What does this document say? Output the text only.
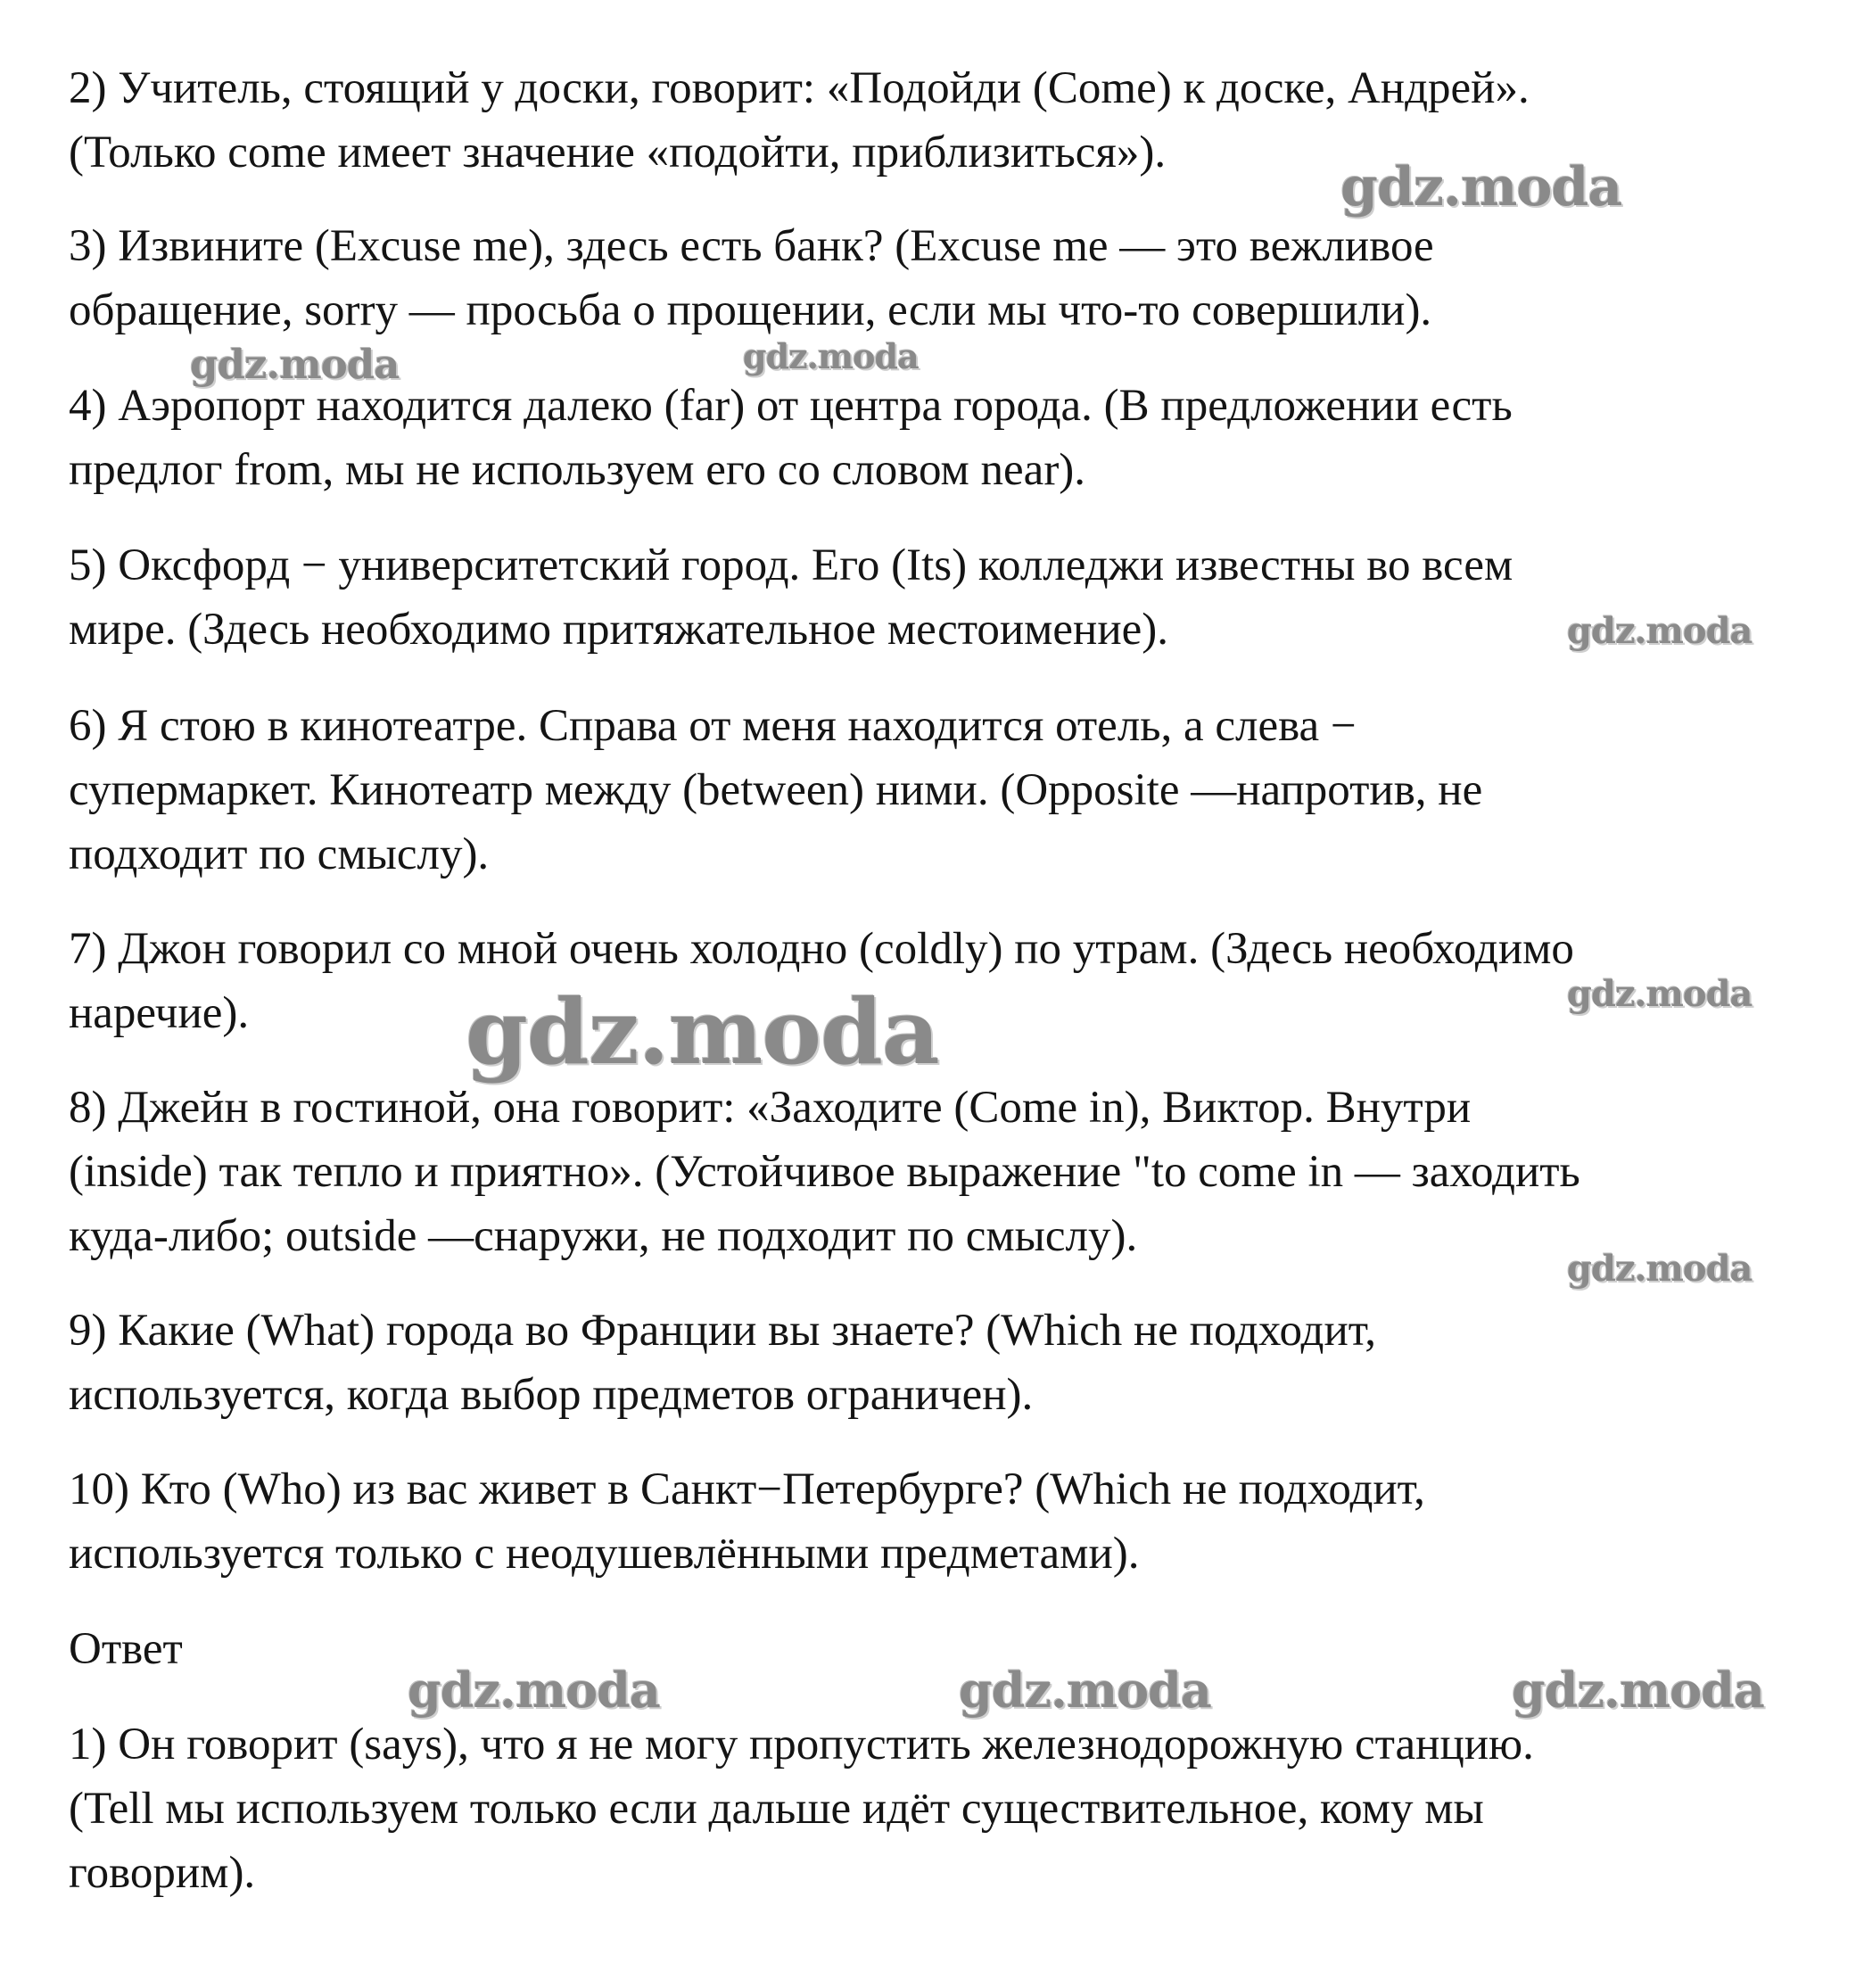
2) Учитель, стоящий у доски, говорит: «Подойди (Come) к доске, Андрей».
(Только come имеет значение «подойти, приблизиться»).

3) Извините (Excuse me), здесь есть банк? (Excuse me — это вежливое
обращение, sorry — просьба о прощении, если мы что-то совершили).

4) Аэропорт находится далеко (far) от центра города. (В предложении есть
предлог from, мы не используем его со словом near).

5) Оксфорд − университетский город. Его (Its) колледжи известны во всем
мире. (Здесь необходимо притяжательное местоимение).

6) Я стою в кинотеатре. Справа от меня находится отель, а слева −
супермаркет. Кинотеатр между (between) ними. (Opposite —напротив, не
подходит по смыслу).

7) Джон говорил со мной очень холодно (coldly) по утрам. (Здесь необходимо
наречие).

8) Джейн в гостиной, она говорит: «Заходите (Come in), Виктор. Внутри
(inside) так тепло и приятно». (Устойчивое выражение "to come in — заходить
куда-либо; outside —снаружи, не подходит по смыслу).

9) Какие (What) города во Франции вы знаете? (Which не подходит,
используется, когда выбор предметов ограничен).

10) Кто (Who) из вас живет в Санкт−Петербурге? (Which не подходит,
используется только с неодушевлёнными предметами).

Ответ

1) Он говорит (says), что я не могу пропустить железнодорожную станцию.
(Tell мы используем только если дальше идёт существительное, кому мы
говорим).

gdz.moda
gdz.moda	gdz.moda
gdz.moda
gdz.moda
gdz.moda
gdz.moda
gdz.moda	gdz.moda	gdz.moda
